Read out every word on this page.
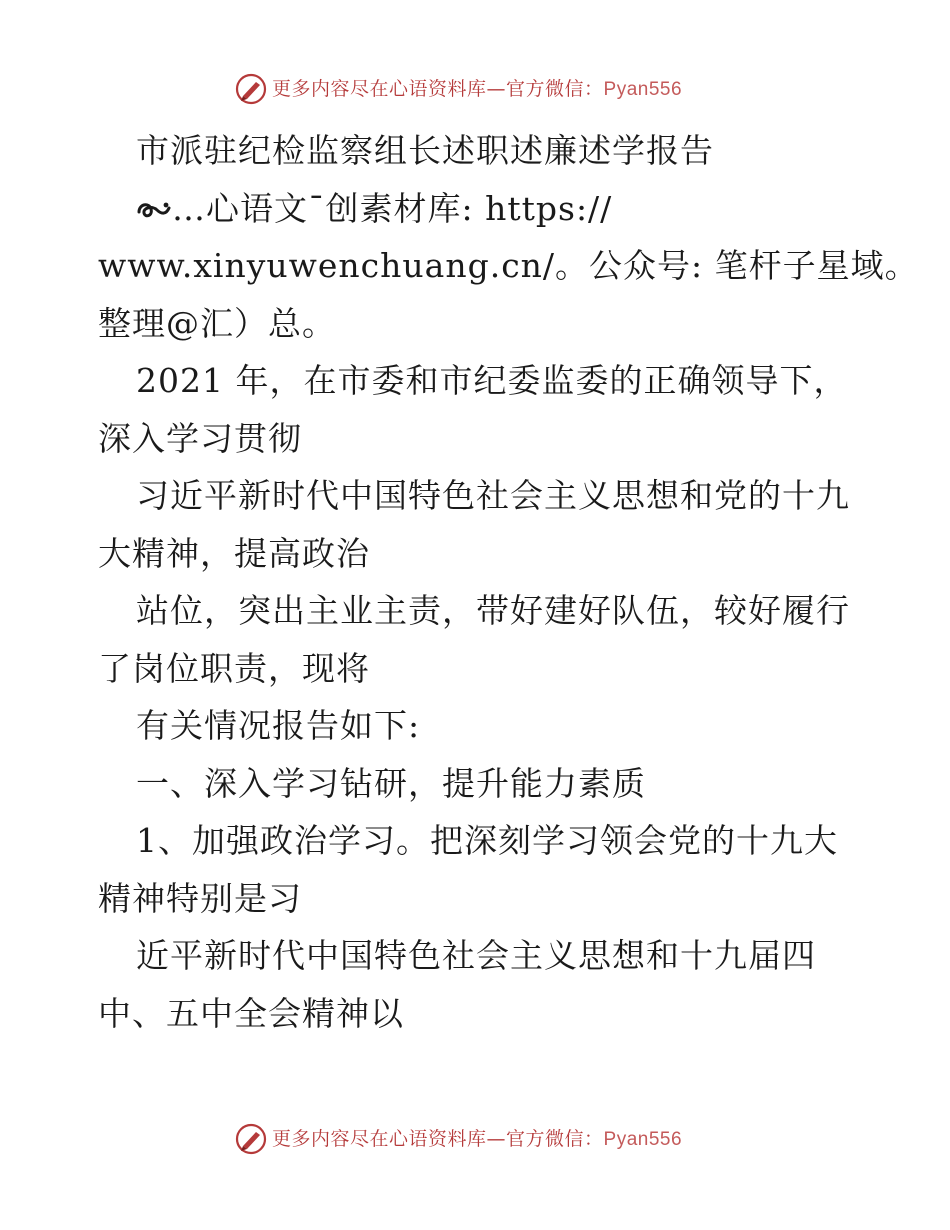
更多内容尽在心语资料库—官方微信：Pyan556
市派驻纪检监察组长述职述廉述学报告
…心语文¯创素材库: https://
www.xinyuwenchuang.cn/。公众号: 笔杆子星域。
整理@汇）总。
2021 年，在市委和市纪委监委的正确领导下，
深入学习贯彻
习近平新时代中国特色社会主义思想和党的十九
大精神，提高政治
站位，突出主业主责，带好建好队伍，较好履行
了岗位职责，现将
有关情况报告如下:
一、深入学习钻研，提升能力素质
1、加强政治学习。把深刻学习领会党的十九大
精神特别是习
近平新时代中国特色社会主义思想和十九届四
中、五中全会精神以
更多内容尽在心语资料库—官方微信：Pyan556
